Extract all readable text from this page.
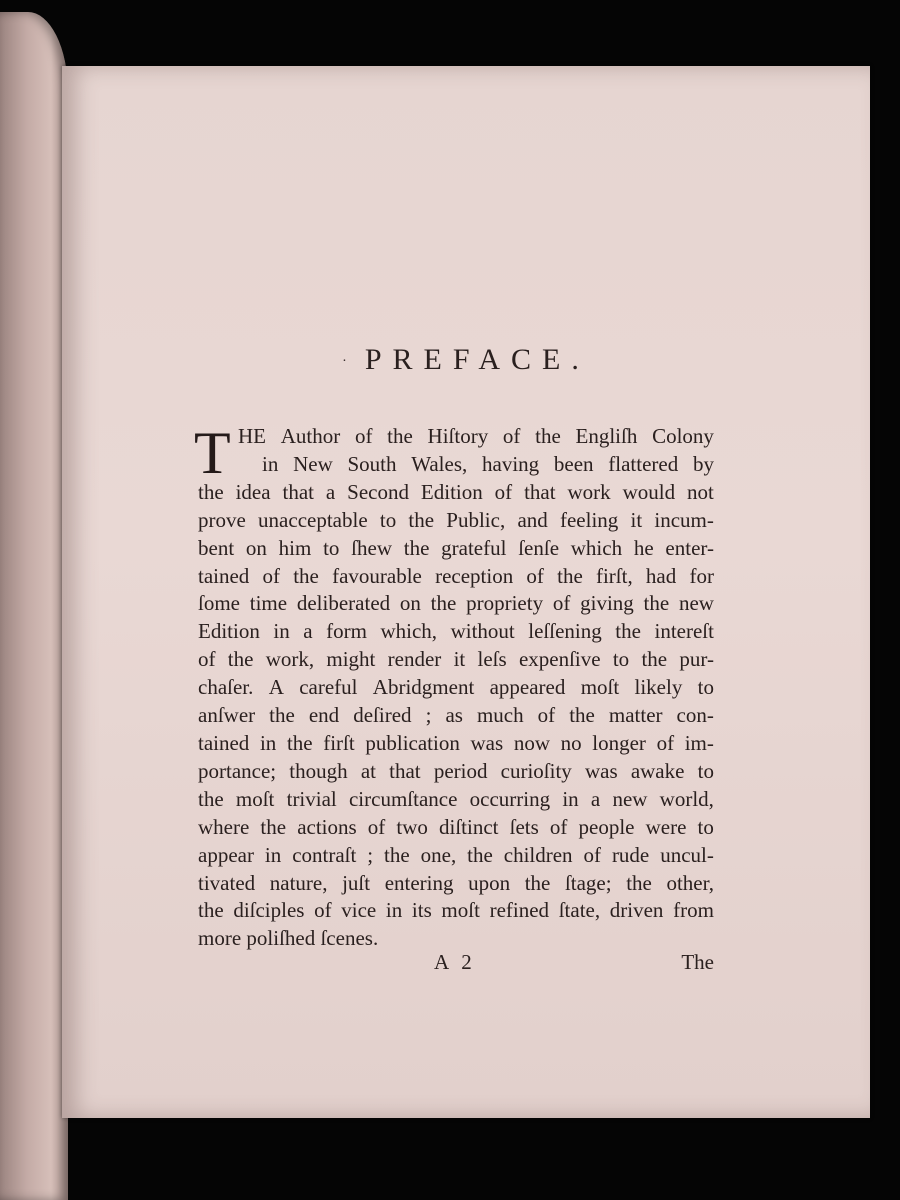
· PREFACE.
T HE Author of the Hiſtory of the Engliſh Colony
in New South Wales, having been flattered by
the idea that a Second Edition of that work would not
prove unacceptable to the Public, and feeling it incum-
bent on him to ſhew the grateful ſenſe which he enter-
tained of the favourable reception of the firſt, had for
ſome time deliberated on the propriety of giving the new
Edition in a form which, without leſſening the intereſt
of the work, might render it leſs expenſive to the pur-
chaſer. A careful Abridgment appeared moſt likely to
anſwer the end deſired ; as much of the matter con-
tained in the firſt publication was now no longer of im-
portance; though at that period curioſity was awake to
the moſt trivial circumſtance occurring in a new world,
where the actions of two diſtinct ſets of people were to
appear in contraſt ; the one, the children of rude uncul-
tivated nature, juſt entering upon the ſtage; the other,
the diſciples of vice in its moſt refined ſtate, driven from
more poliſhed ſcenes.
A 2	The
